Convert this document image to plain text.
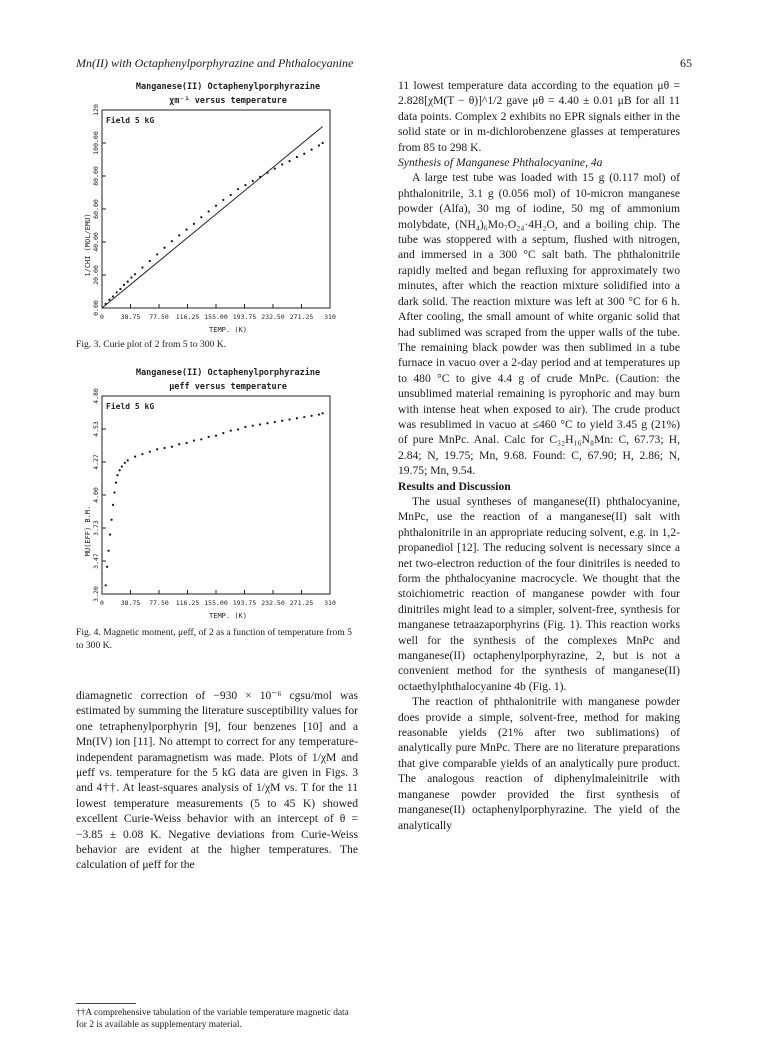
Mn(II) with Octaphenylporphyrazine and Phthalocyanine	65
Manganese(II) Octaphenylporphyrazine
χm⁻¹ versus temperature
Field 5 kG
1/CHI (MOL/EMU)
TEMP. (K)
0	38.75 77.50 116.25 155.00 193.75 232.50 271.25 310
0.00
20.00
40.00
60.00
80.00
100.00
120
Fig. 3. Curie plot of 2 from 5 to 300 K.
Manganese(II) Octaphenylporphyrazine
μeff versus temperature
Field 5 kG
MU(EFF) B.M.
TEMP. (K)
0	38.75 77.50 116.25 155.00 193.75 232.50 271.25 310
3.20
3.47
3.73
4.00
4.27
4.53
4.80
Fig. 4. Magnetic moment, μeff, of 2 as a function of temperature from 5 to 300 K.

diamagnetic correction of −930 × 10⁻⁶ cgsu/mol was estimated by summing the literature susceptibility values for one tetraphenylporphyrin [9], four benzenes [10] and a Mn(IV) ion [11]. No attempt to correct for any temperature-independent paramagnetism was made. Plots of 1/χM and μeff vs. temperature for the 5 kG data are given in Figs. 3 and 4††. At least-squares analysis of 1/χM vs. T for the 11 lowest temperature measurements (5 to 45 K) showed excellent Curie-Weiss behavior with an intercept of θ = −3.85 ± 0.08 K. Negative deviations from Curie-Weiss behavior are evident at the higher temperatures. The calculation of μeff for the

††A comprehensive tabulation of the variable temperature magnetic data for 2 is available as supplementary material.

11 lowest temperature data according to the equation μθ = 2.828[χM(T − θ)]^1/2 gave μθ = 4.40 ± 0.01 μB for all 11 data points. Complex 2 exhibits no EPR signals either in the solid state or in m-dichlorobenzene glasses at temperatures from 85 to 298 K.

Synthesis of Manganese Phthalocyanine, 4a

A large test tube was loaded with 15 g (0.117 mol) of phthalonitrile, 3.1 g (0.056 mol) of 10-micron manganese powder (Alfa), 30 mg of iodine, 50 mg of ammonium molybdate, (NH₄)₆Mo₇O₂₄·4H₂O, and a boiling chip. The tube was stoppered with a septum, flushed with nitrogen, and immersed in a 300 °C salt bath. The phthalonitrile rapidly melted and began refluxing for approximately two minutes, after which the reaction mixture solidified into a dark solid. The reaction mixture was left at 300 °C for 6 h. After cooling, the small amount of white organic solid that had sublimed was scraped from the upper walls of the tube. The remaining black powder was then sublimed in a tube furnace in vacuo over a 2-day period and at temperatures up to 480 °C to give 4.4 g of crude MnPc. (Caution: the unsublimed material remaining is pyrophoric and may burn with intense heat when exposed to air). The crude product was resublimed in vacuo at ≤460 °C to yield 3.45 g (21%) of pure MnPc. Anal. Calc for C₃₂H₁₆N₈Mn: C, 67.73; H, 2.84; N, 19.75; Mn, 9.68. Found: C, 67.90; H, 2.86; N, 19.75; Mn, 9.54.

Results and Discussion

The usual syntheses of manganese(II) phthalocyanine, MnPc, use the reaction of a manganese(II) salt with phthalonitrile in an appropriate reducing solvent, e.g. in 1,2-propanediol [12]. The reducing solvent is necessary since a net two-electron reduction of the four dinitriles is needed to form the phthalocyanine macrocycle. We thought that the stoichiometric reaction of manganese powder with four dinitriles might lead to a simpler, solvent-free, synthesis for manganese tetraazaporphyrins (Fig. 1). This reaction works well for the synthesis of the complexes MnPc and manganese(II) octaphenylporphyrazine, 2, but is not a convenient method for the synthesis of manganese(II) octaethylphthalocyanine 4b (Fig. 1).

The reaction of phthalonitrile with manganese powder does provide a simple, solvent-free, method for making reasonable yields (21% after two sublimations) of analytically pure MnPc. There are no literature preparations that give comparable yields of an analytically pure product. The analogous reaction of diphenylmaleinitrile with manganese powder provided the first synthesis of manganese(II) octaphenylporphyrazine. The yield of the analytically
